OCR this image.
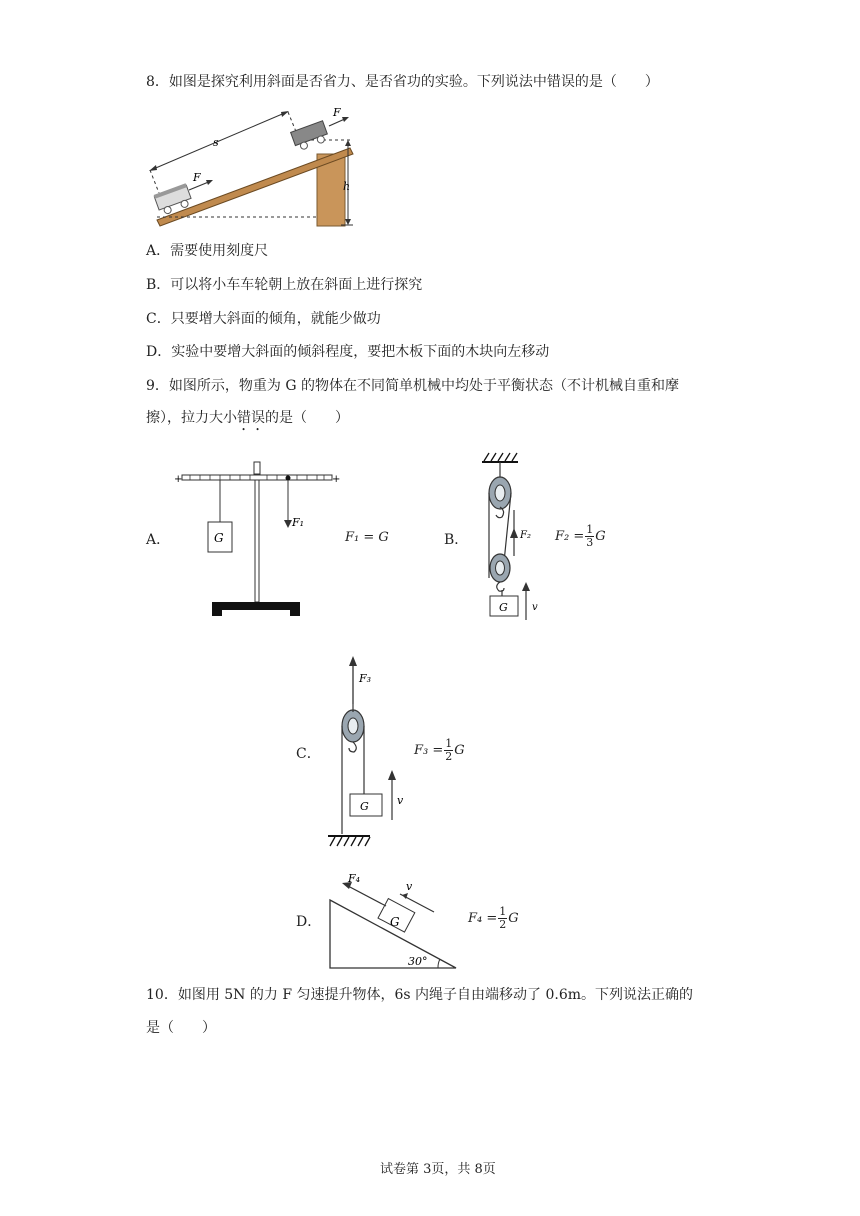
8．如图是探究利用斜面是否省力、是否省功的实验。下列说法中错误的是（　　）
h
s
F
F
A．需要使用刻度尺
B．可以将小车车轮朝上放在斜面上进行探究
C．只要增大斜面的倾角，就能少做功
D．实验中要增大斜面的倾斜程度，要把木板下面的木块向左移动
9．如图所示，物重为 G 的物体在不同简单机械中均处于平衡状态（不计机械自重和摩
擦），拉力大小错误的是（　　）
A．
+	+
G
F₁
F₁ = G	B．	F₂
G v
$F_2 = \frac{1}{3}$ G
C．
F₃
G	v
$F_3 = \frac{1}{2}$ G
D．	G
F₄
v
30°
$F_4 = \frac{1}{2}$ G
10．如图用 5N 的力 F 匀速提升物体，6s 内绳子自由端移动了 0.6m。下列说法正确的
是（　　）
试卷第 3页，共 8页
